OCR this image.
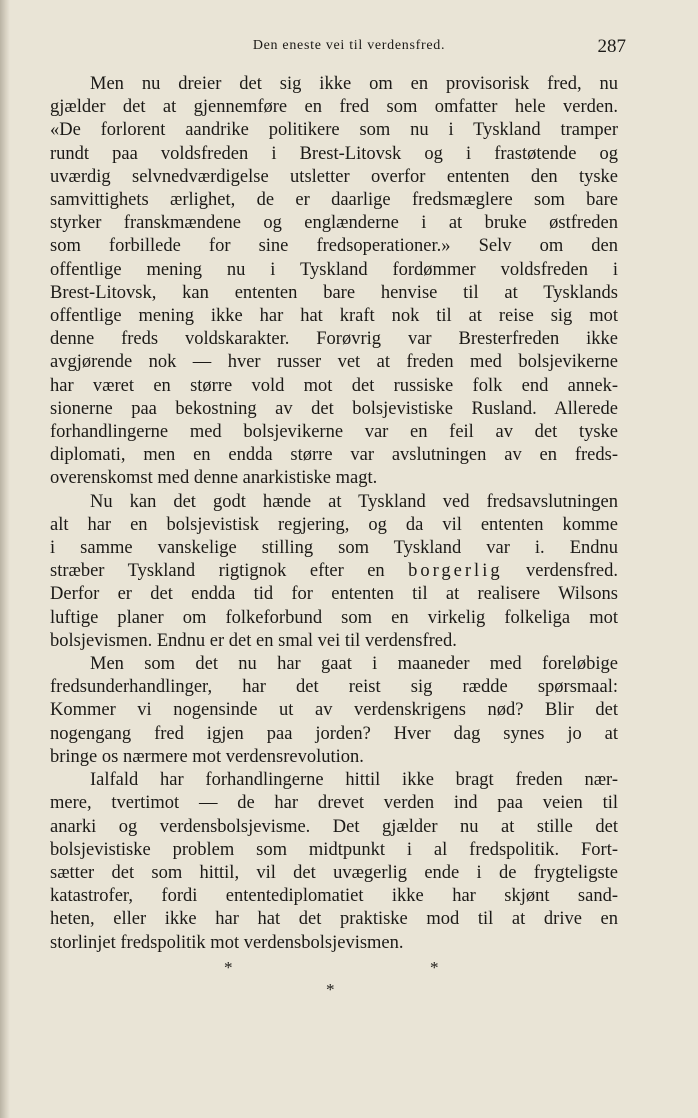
Den eneste vei til verdensfred.	287

Men nu dreier det sig ikke om en provisorisk fred, nu
gjælder det at gjennemføre en fred som omfatter hele verden.
«De forlorent aandrike politikere som nu i Tyskland tramper
rundt paa voldsfreden i Brest-Litovsk og i frastøtende og
uværdig selvnedværdigelse utsletter overfor ententen den tyske
samvittighets ærlighet, de er daarlige fredsmæglere som bare
styrker franskmændene og englænderne i at bruke østfreden
som forbillede for sine fredsoperationer.» Selv om den
offentlige mening nu i Tyskland fordømmer voldsfreden i
Brest-Litovsk, kan ententen bare henvise til at Tysklands
offentlige mening ikke har hat kraft nok til at reise sig mot
denne freds voldskarakter. Forøvrig var Bresterfreden ikke
avgjørende nok — hver russer vet at freden med bolsjevikerne
har været en større vold mot det russiske folk end annek-
sionerne paa bekostning av det bolsjevistiske Rusland. Allerede
forhandlingerne med bolsjevikerne var en feil av det tyske
diplomati, men en endda større var avslutningen av en freds-
overenskomst med denne anarkistiske magt.

Nu kan det godt hænde at Tyskland ved fredsavslutningen
alt har en bolsjevistisk regjering, og da vil ententen komme
i samme vanskelige stilling som Tyskland var i. Endnu
stræber Tyskland rigtignok efter en borgerlig verdensfred.
Derfor er det endda tid for ententen til at realisere Wilsons
luftige planer om folkeforbund som en virkelig folkeliga mot
bolsjevismen. Endnu er det en smal vei til verdensfred.

Men som det nu har gaat i maaneder med foreløbige
fredsunderhandlinger, har det reist sig rædde spørsmaal:
Kommer vi nogensinde ut av verdenskrigens nød? Blir det
nogengang fred igjen paa jorden? Hver dag synes jo at
bringe os nærmere mot verdensrevolution.

Ialfald har forhandlingerne hittil ikke bragt freden nær-
mere, tvertimot — de har drevet verden ind paa veien til
anarki og verdensbolsjevisme. Det gjælder nu at stille det
bolsjevistiske problem som midtpunkt i al fredspolitik. Fort-
sætter det som hittil, vil det uvægerlig ende i de frygteligste
katastrofer, fordi ententediplomatiet ikke har skjønt sand-
heten, eller ikke har hat det praktiske mod til at drive en
storlinjet fredspolitik mot verdensbolsjevismen.

*	*
*
